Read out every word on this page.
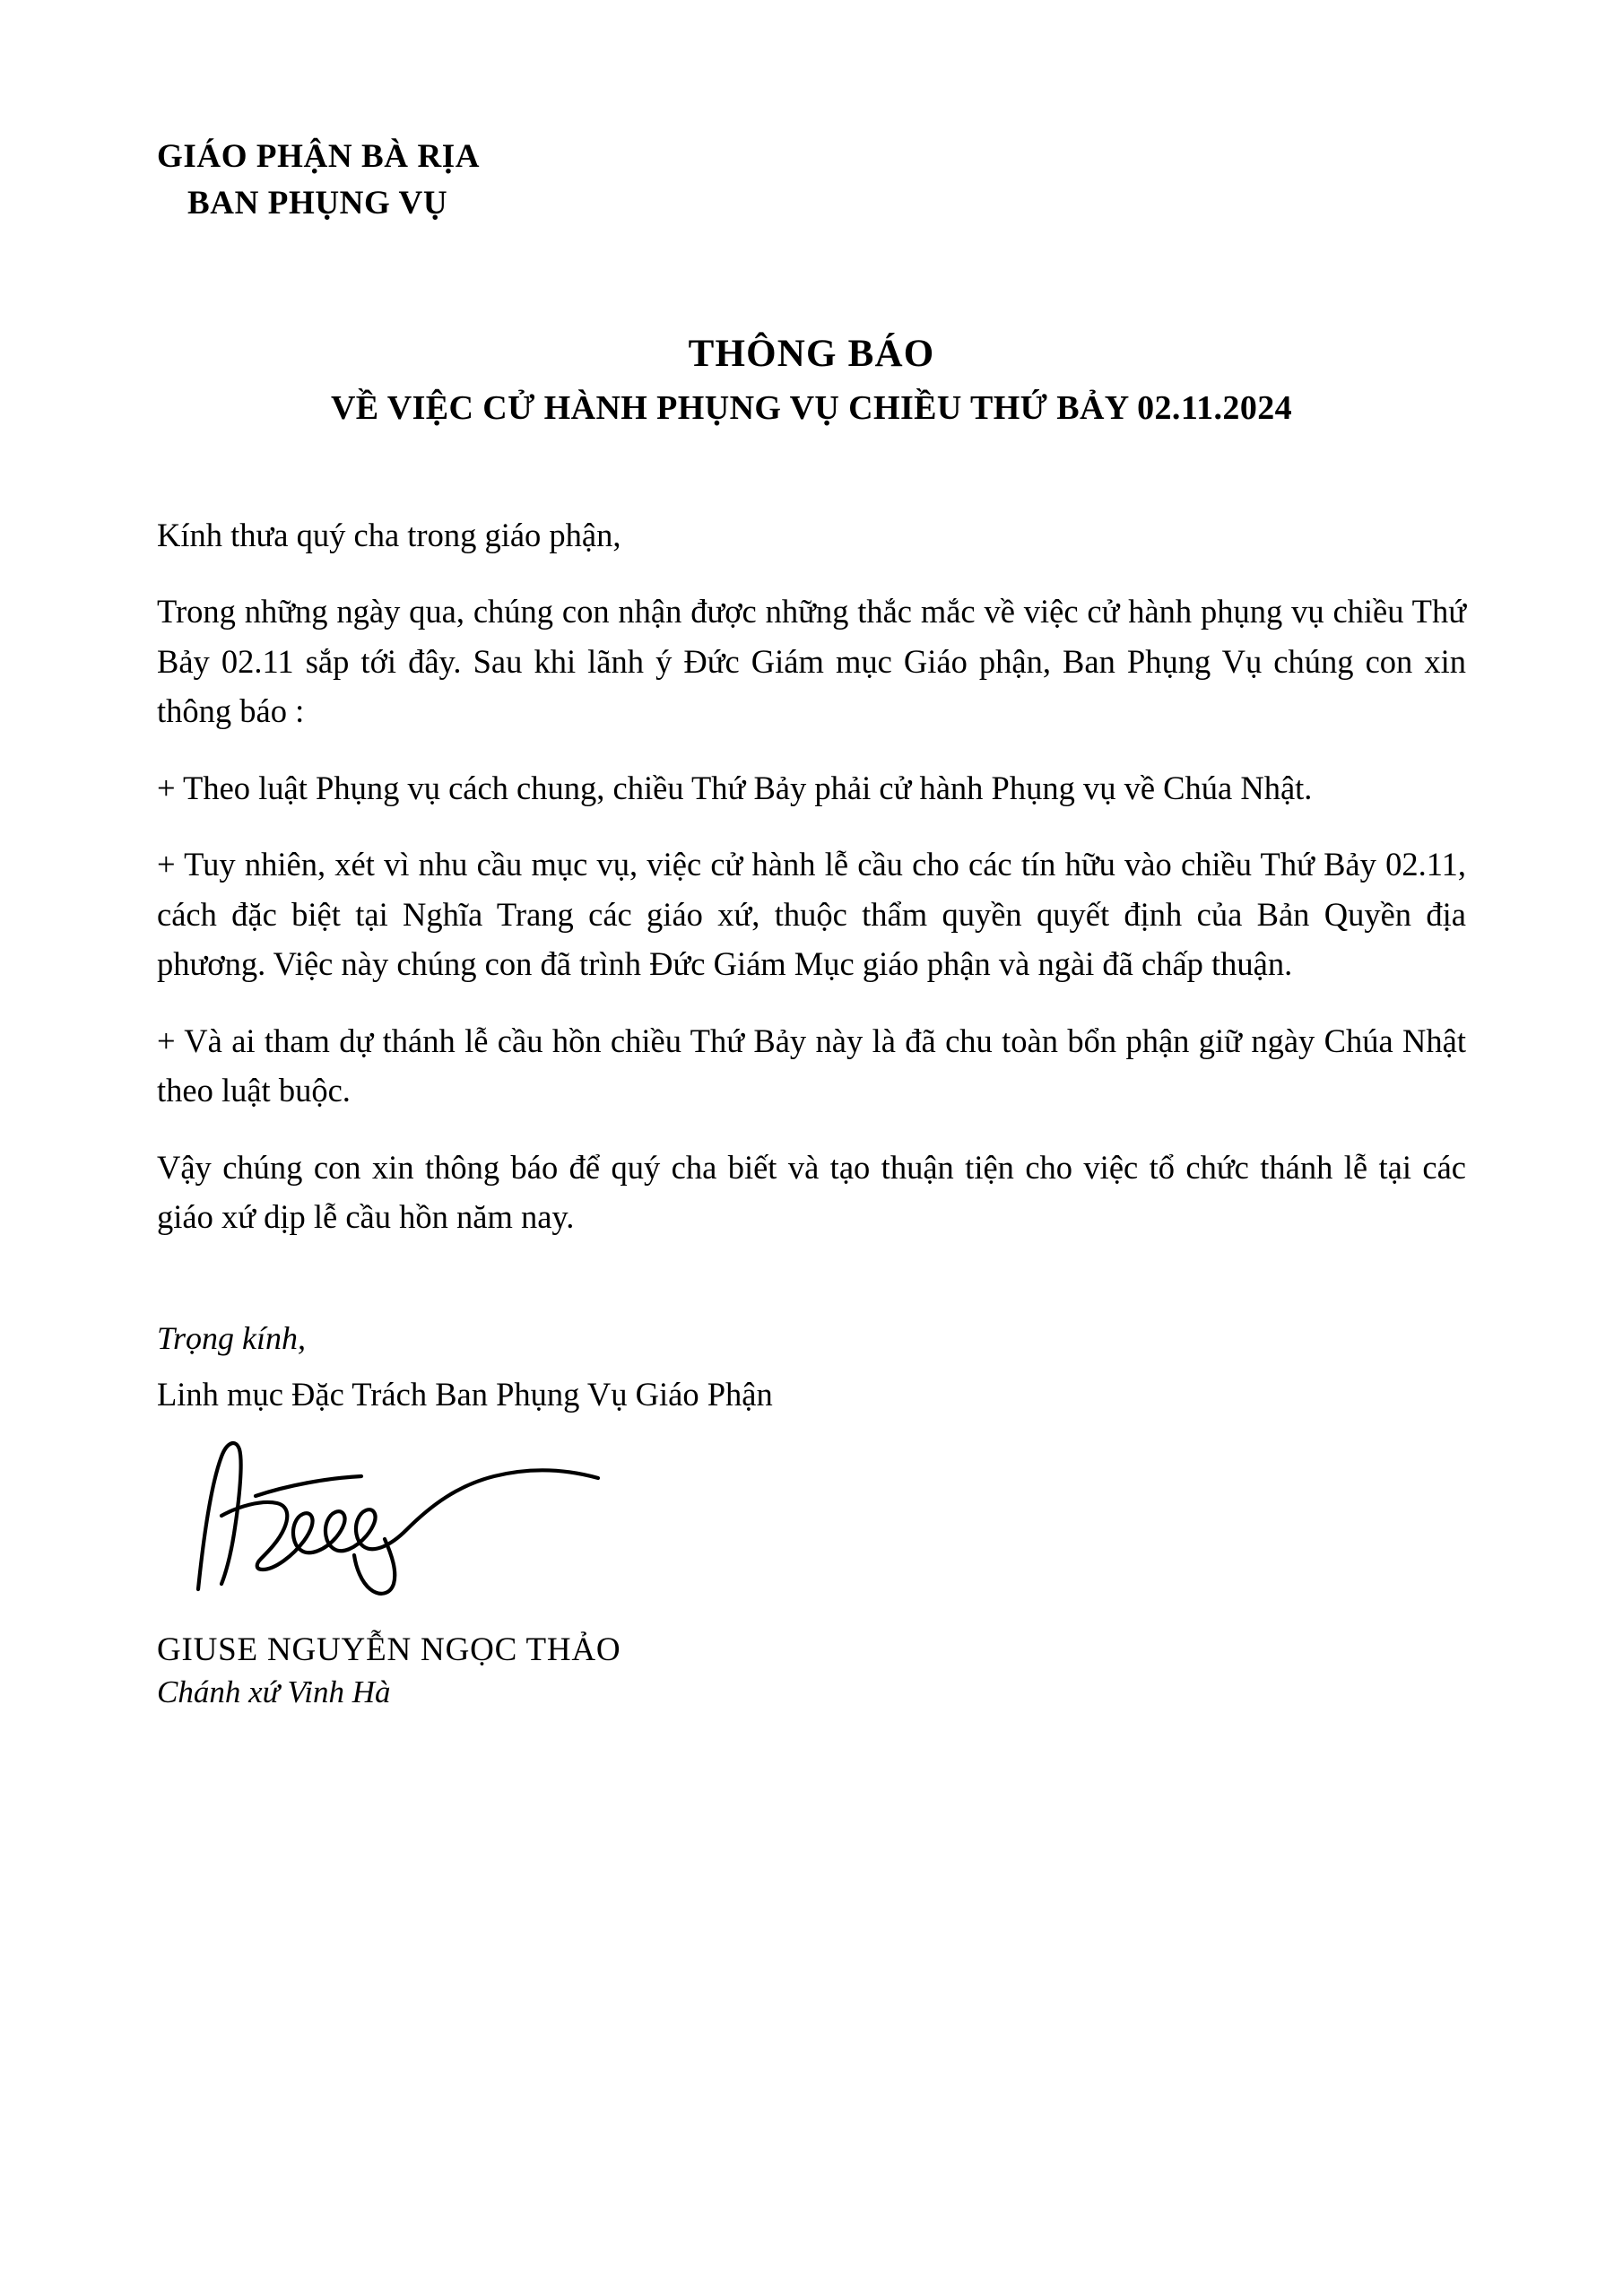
GIÁO PHẬN BÀ RỊA
BAN PHỤNG VỤ
THÔNG BÁO
VỀ VIỆC CỬ HÀNH PHỤNG VỤ CHIỀU THỨ BẢY 02.11.2024

Kính thưa quý cha trong giáo phận,

Trong những ngày qua, chúng con nhận được những thắc mắc về việc cử hành phụng vụ chiều Thứ Bảy 02.11 sắp tới đây. Sau khi lãnh ý Đức Giám mục Giáo phận, Ban Phụng Vụ chúng con xin thông báo :

+ Theo luật Phụng vụ cách chung, chiều Thứ Bảy phải cử hành Phụng vụ về Chúa Nhật.

+ Tuy nhiên, xét vì nhu cầu mục vụ, việc cử hành lễ cầu cho các tín hữu vào chiều Thứ Bảy 02.11, cách đặc biệt tại Nghĩa Trang các giáo xứ, thuộc thẩm quyền quyết định của Bản Quyền địa phương. Việc này chúng con đã trình Đức Giám Mục giáo phận và ngài đã chấp thuận.

+ Và ai tham dự thánh lễ cầu hồn chiều Thứ Bảy này là đã chu toàn bổn phận giữ ngày Chúa Nhật theo luật buộc.

Vậy chúng con xin thông báo để quý cha biết và tạo thuận tiện cho việc tổ chức thánh lễ tại các giáo xứ dịp lễ cầu hồn năm nay.

Trọng kính,

Linh mục Đặc Trách Ban Phụng Vụ Giáo Phận

GIUSE NGUYỄN NGỌC THẢO

Chánh xứ Vinh Hà
